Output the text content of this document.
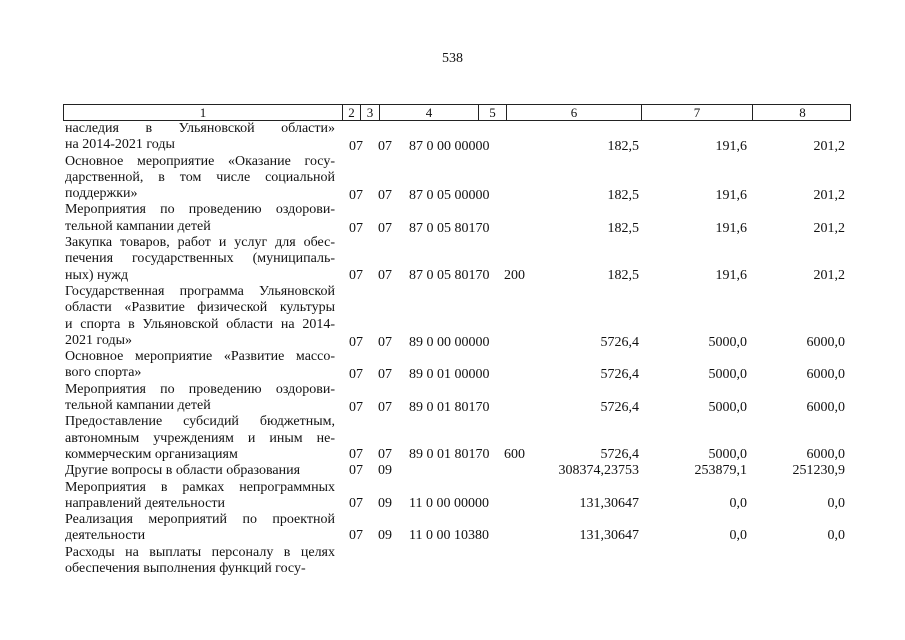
538
1	2 3	4	5	6	7	8
наследия в Ульяновской области»
на 2014-2021 годы	07 07 87 0 00 00000	182,5	191,6	201,2
Основное мероприятие «Оказание госу-
дарственной, в том числе социальной
поддержки»	07 07 87 0 05 00000	182,5	191,6	201,2
Мероприятия по проведению оздорови-
тельной кампании детей	07 07 87 0 05 80170	182,5	191,6	201,2
Закупка товаров, работ и услуг для обес-
печения государственных (муниципаль-
ных) нужд	07 07 87 0 05 80170	200	182,5	191,6	201,2
Государственная программа Ульяновской
области «Развитие физической культуры
и спорта в Ульяновской области на 2014-
2021 годы»	07 07 89 0 00 00000	5726,4	5000,0	6000,0
Основное мероприятие «Развитие массо-
вого спорта»	07 07 89 0 01 00000	5726,4	5000,0	6000,0
Мероприятия по проведению оздорови-
тельной кампании детей	07 07 89 0 01 80170	5726,4	5000,0	6000,0
Предоставление субсидий бюджетным,
автономным учреждениям и иным не-
коммерческим организациям	07 07 89 0 01 80170	600	5726,4	5000,0	6000,0
Другие вопросы в области образования	07 09	308374,23753	253879,1	251230,9
Мероприятия в рамках непрограммных
направлений деятельности	07 09 11 0 00 00000	131,30647	0,0	0,0
Реализация мероприятий по проектной
деятельности	07 09 11 0 00 10380	131,30647	0,0	0,0
Расходы на выплаты персоналу в целях
обеспечения выполнения функций госу-
